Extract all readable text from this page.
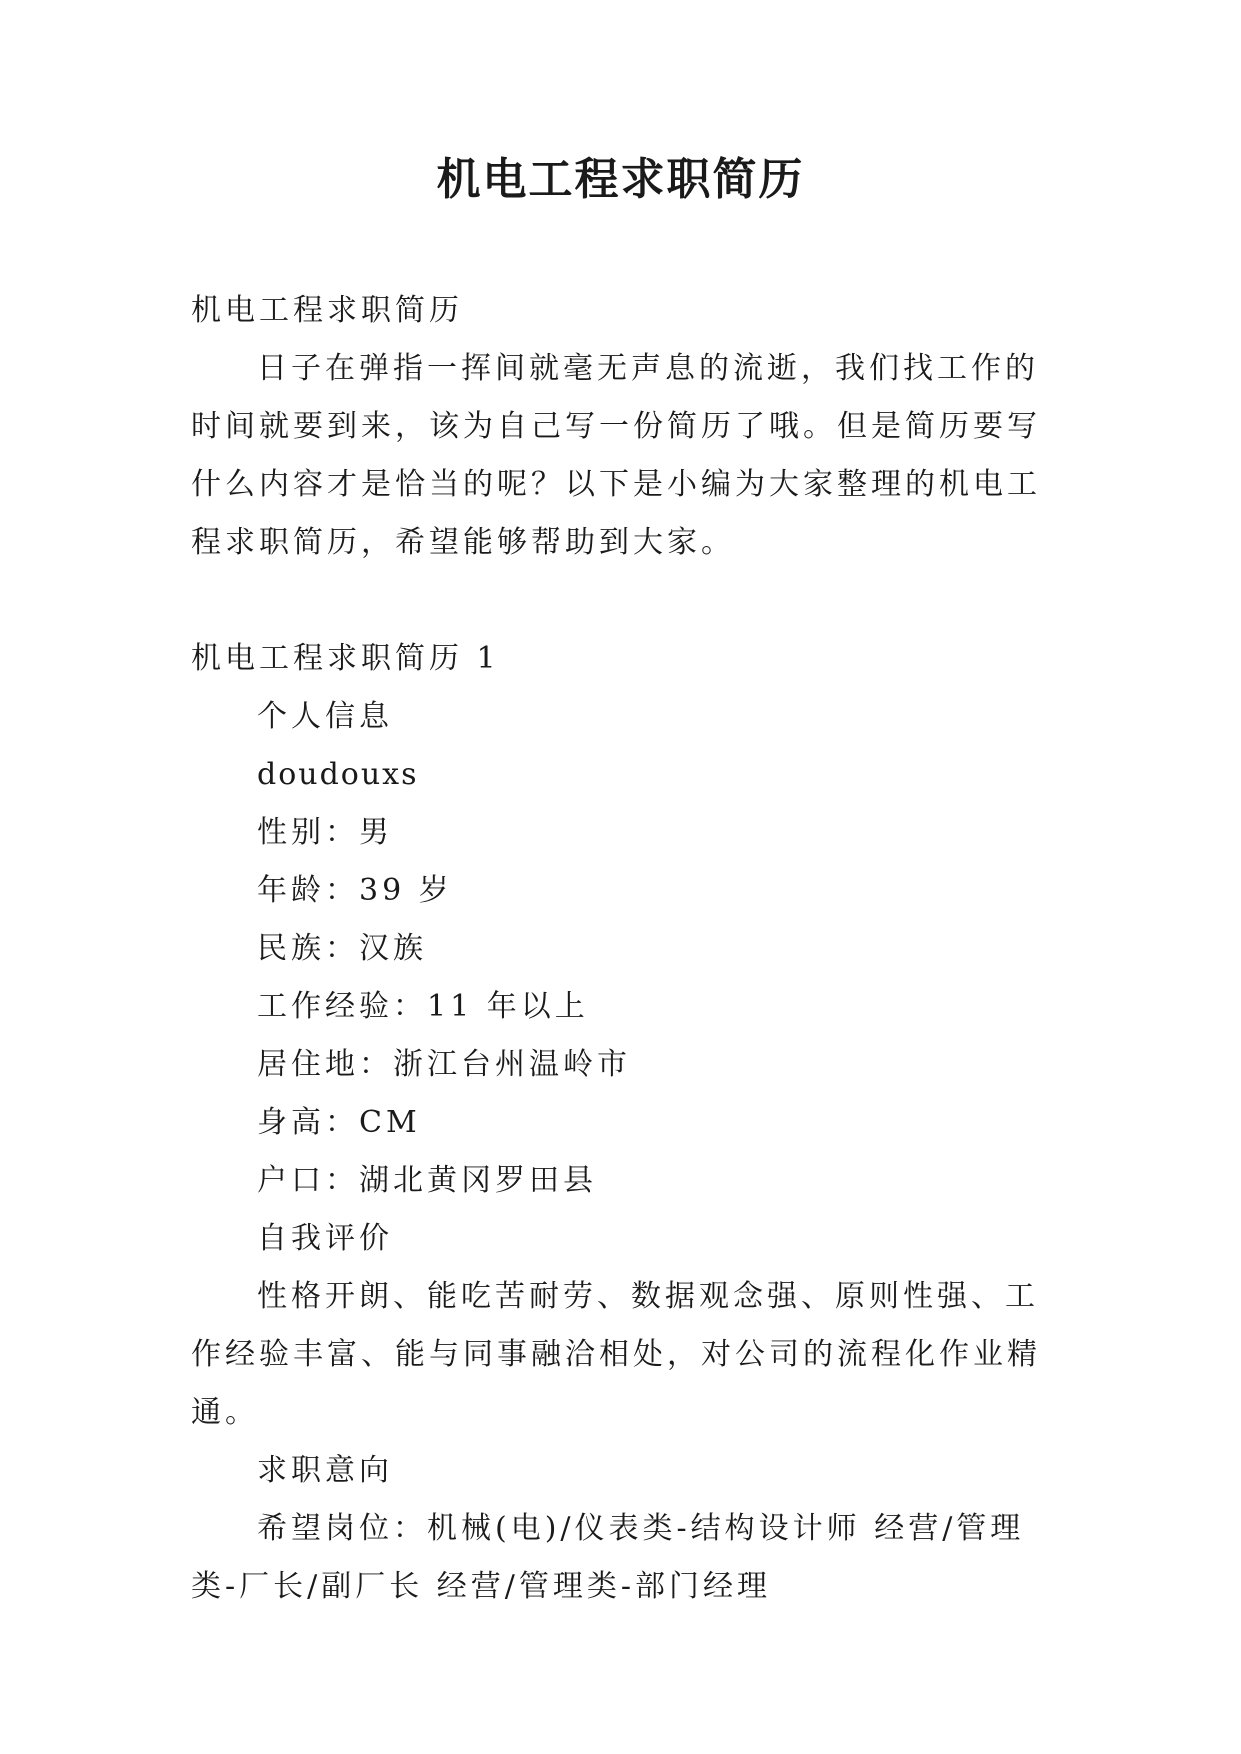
机电工程求职简历
机电工程求职简历
日子在弹指一挥间就毫无声息的流逝，我们找工作的时间就要到来，该为自己写一份简历了哦。但是简历要写什么内容才是恰当的呢？以下是小编为大家整理的机电工程求职简历，希望能够帮助到大家。
机电工程求职简历 1
个人信息
doudouxs
性别：男
年龄：39 岁
民族：汉族
工作经验：11 年以上
居住地：浙江台州温岭市
身高：CM
户口：湖北黄冈罗田县
自我评价
性格开朗、能吃苦耐劳、数据观念强、原则性强、工作经验丰富、能与同事融洽相处，对公司的流程化作业精通。
求职意向
希望岗位：机械(电)/仪表类-结构设计师 经营/管理类-厂长/副厂长 经营/管理类-部门经理
